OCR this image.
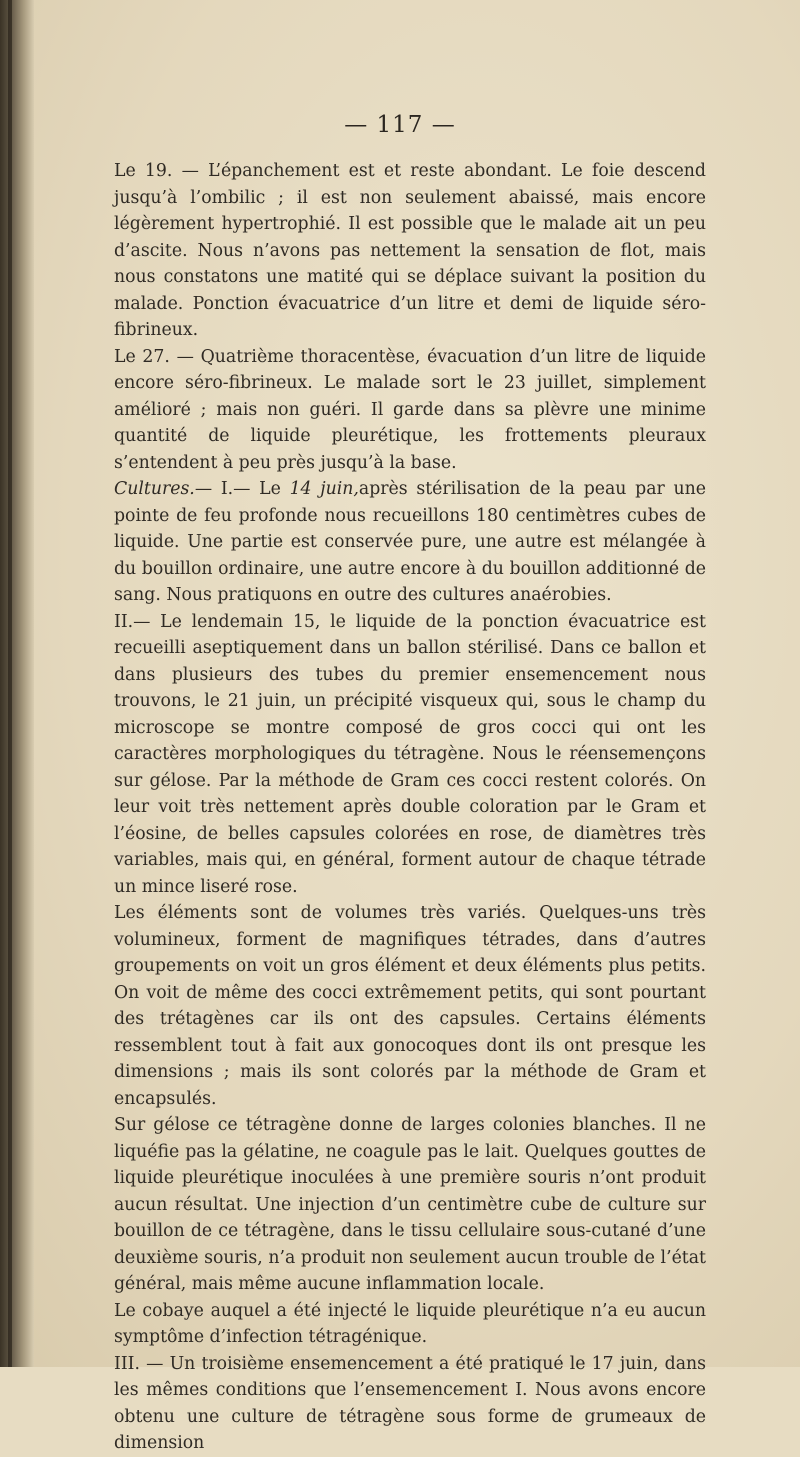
— 117 —

Le 19. — L’épanchement est et reste abondant. Le foie descend jusqu’à l’ombilic ; il est non seulement abaissé, mais encore légèrement hypertrophié. Il est possible que le malade ait un peu d’ascite. Nous n’avons pas nettement la sensation de flot, mais nous constatons une matité qui se déplace suivant la position du malade. Ponction évacuatrice d’un litre et demi de liquide séro-fibrineux.

Le 27. — Quatrième thoracentèse, évacuation d’un litre de liquide encore séro-fibrineux. Le malade sort le 23 juillet, simplement amélioré ; mais non guéri. Il garde dans sa plèvre une minime quantité de liquide pleurétique, les frottements pleuraux s’entendent à peu près jusqu’à la base.

Cultures.— I.— Le 14 juin,après stérilisation de la peau par une pointe de feu profonde nous recueillons 180 centimètres cubes de liquide. Une partie est conservée pure, une autre est mélangée à du bouillon ordinaire, une autre encore à du bouillon additionné de sang. Nous pratiquons en outre des cultures anaérobies.

II.— Le lendemain 15, le liquide de la ponction évacuatrice est recueilli aseptiquement dans un ballon stérilisé. Dans ce ballon et dans plusieurs des tubes du premier ensemencement nous trouvons, le 21 juin, un précipité visqueux qui, sous le champ du microscope se montre composé de gros cocci qui ont les caractères morphologiques du tétragène. Nous le réensemençons sur gélose. Par la méthode de Gram ces cocci restent colorés. On leur voit très nettement après double coloration par le Gram et l’éosine, de belles capsules colorées en rose, de diamètres très variables, mais qui, en général, forment autour de chaque tétrade un mince liseré rose.

Les éléments sont de volumes très variés. Quelques-uns très volumineux, forment de magnifiques tétrades, dans d’autres groupements on voit un gros élément et deux éléments plus petits. On voit de même des cocci extrêmement petits, qui sont pourtant des trétagènes car ils ont des capsules. Certains éléments ressemblent tout à fait aux gonocoques dont ils ont presque les dimensions ; mais ils sont colorés par la méthode de Gram et encapsulés.

Sur gélose ce tétragène donne de larges colonies blanches. Il ne liquéfie pas la gélatine, ne coagule pas le lait. Quelques gouttes de liquide pleurétique inoculées à une première souris n’ont produit aucun résultat. Une injection d’un centimètre cube de culture sur bouillon de ce tétragène, dans le tissu cellulaire sous-cutané d’une deuxième souris, n’a produit non seulement aucun trouble de l’état général, mais même aucune inflammation locale.

Le cobaye auquel a été injecté le liquide pleurétique n’a eu aucun symptôme d’infection tétragénique.

III. — Un troisième ensemencement a été pratiqué le 17 juin, dans les mêmes conditions que l’ensemencement I. Nous avons encore obtenu une culture de tétragène sous forme de grumeaux de dimension
